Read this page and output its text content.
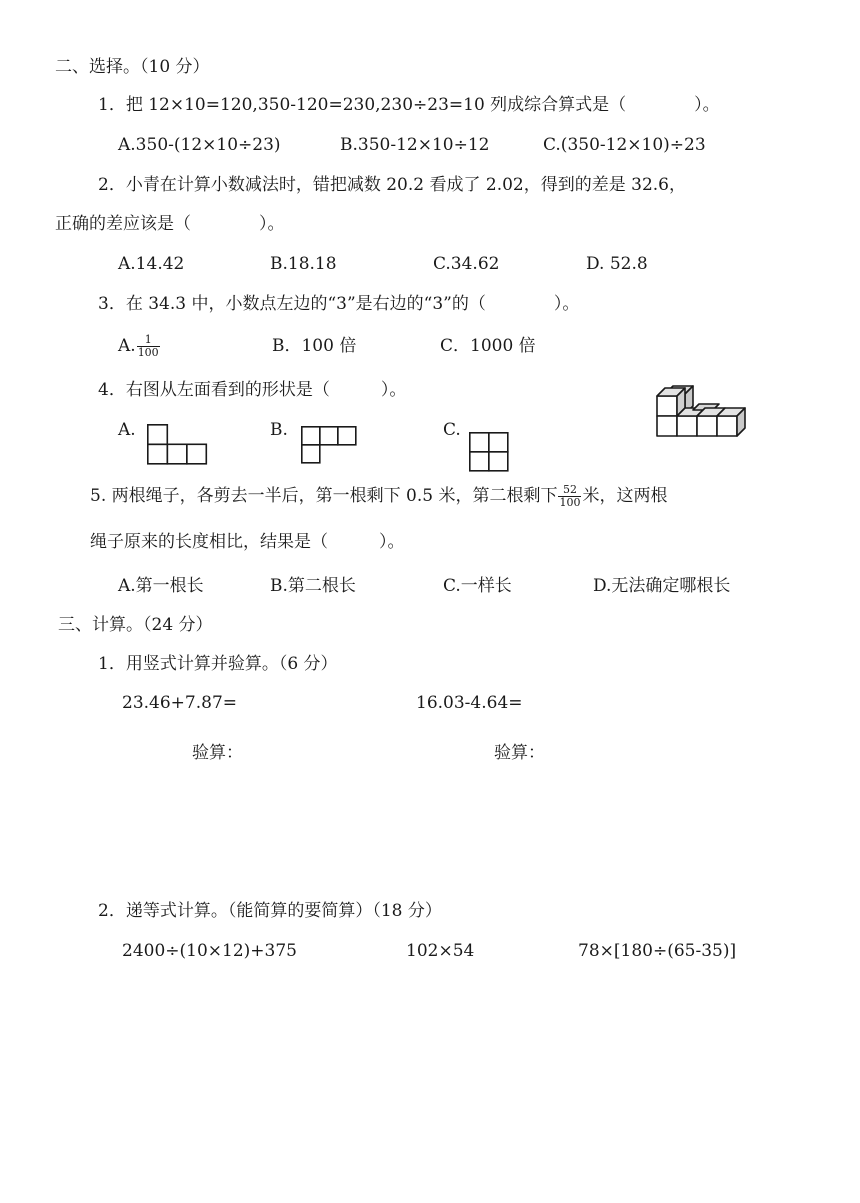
二、选择。（10 分）
1．把 12×10=120,350-120=230,230÷23=10 列成综合算式是（　　　　）。
A.350-(12×10÷23)	B.350-12×10÷12	C.(350-12×10)÷23
2．小青在计算小数减法时，错把减数 20.2 看成了 2.02，得到的差是 32.6，
正确的差应该是（　　　　）。
A.14.42	B.18.18	C.34.62	D. 52.8
3．在 34.3 中，小数点左边的“3”是右边的“3”的（　　　　）。
A. $\frac{1}{100}$	B．100 倍	C．1000 倍
4．右图从左面看到的形状是（　　　）。
A.	B.	C.
5. 两根绳子，各剪去一半后，第一根剩下 0.5 米，第二根剩下 $\frac{52}{100}$ 米，这两根
绳子原来的长度相比，结果是（　　　）。
A.第一根长	B.第二根长	C.一样长	D.无法确定哪根长
三、计算。（24 分）
1．用竖式计算并验算。（6 分）
23.46+7.87=	16.03-4.64=
验算：	验算：
2．递等式计算。（能简算的要简算）（18 分）
2400÷(10×12)+375	102×54	78×[180÷(65-35)]
